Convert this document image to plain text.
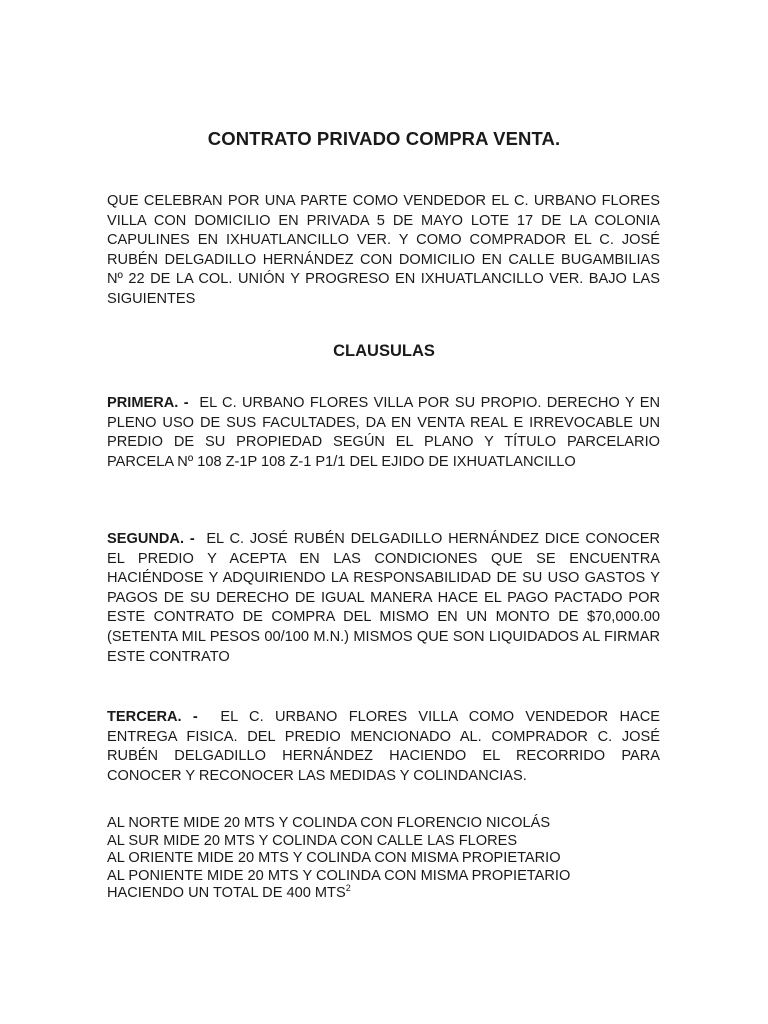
CONTRATO PRIVADO COMPRA VENTA.
QUE CELEBRAN POR UNA PARTE COMO VENDEDOR EL C. URBANO FLORES VILLA CON DOMICILIO EN PRIVADA 5 DE MAYO LOTE 17 DE LA COLONIA CAPULINES EN IXHUATLANCILLO VER. Y COMO COMPRADOR EL C. JOSÉ RUBÉN DELGADILLO HERNÁNDEZ CON DOMICILIO EN CALLE BUGAMBILIAS Nº 22 DE LA COL. UNIÓN Y PROGRESO EN IXHUATLANCILLO VER. BAJO LAS SIGUIENTES
CLAUSULAS
PRIMERA. - EL C. URBANO FLORES VILLA POR SU PROPIO. DERECHO Y EN PLENO USO DE SUS FACULTADES, DA EN VENTA REAL E IRREVOCABLE UN PREDIO DE SU PROPIEDAD SEGÚN EL PLANO Y TÍTULO PARCELARIO PARCELA Nº 108 Z-1P 108 Z-1 P1/1 DEL EJIDO DE IXHUATLANCILLO
SEGUNDA. - EL C. JOSÉ RUBÉN DELGADILLO HERNÁNDEZ DICE CONOCER EL PREDIO Y ACEPTA EN LAS CONDICIONES QUE SE ENCUENTRA HACIÉNDOSE Y ADQUIRIENDO LA RESPONSABILIDAD DE SU USO GASTOS Y PAGOS DE SU DERECHO DE IGUAL MANERA HACE EL PAGO PACTADO POR ESTE CONTRATO DE COMPRA DEL MISMO EN UN MONTO DE $70,000.00 (SETENTA MIL PESOS 00/100 M.N.) MISMOS QUE SON LIQUIDADOS AL FIRMAR ESTE CONTRATO
TERCERA. - EL C. URBANO FLORES VILLA COMO VENDEDOR HACE ENTREGA FISICA. DEL PREDIO MENCIONADO AL. COMPRADOR C. JOSÉ RUBÉN DELGADILLO HERNÁNDEZ HACIENDO EL RECORRIDO PARA CONOCER Y RECONOCER LAS MEDIDAS Y COLINDANCIAS.
AL NORTE MIDE 20 MTS Y COLINDA CON FLORENCIO NICOLÁS
AL SUR MIDE 20 MTS Y COLINDA CON CALLE LAS FLORES
AL ORIENTE MIDE 20 MTS Y COLINDA CON MISMA PROPIETARIO
AL PONIENTE MIDE 20 MTS Y COLINDA CON MISMA PROPIETARIO
HACIENDO UN TOTAL DE 400 MTS$^2$
